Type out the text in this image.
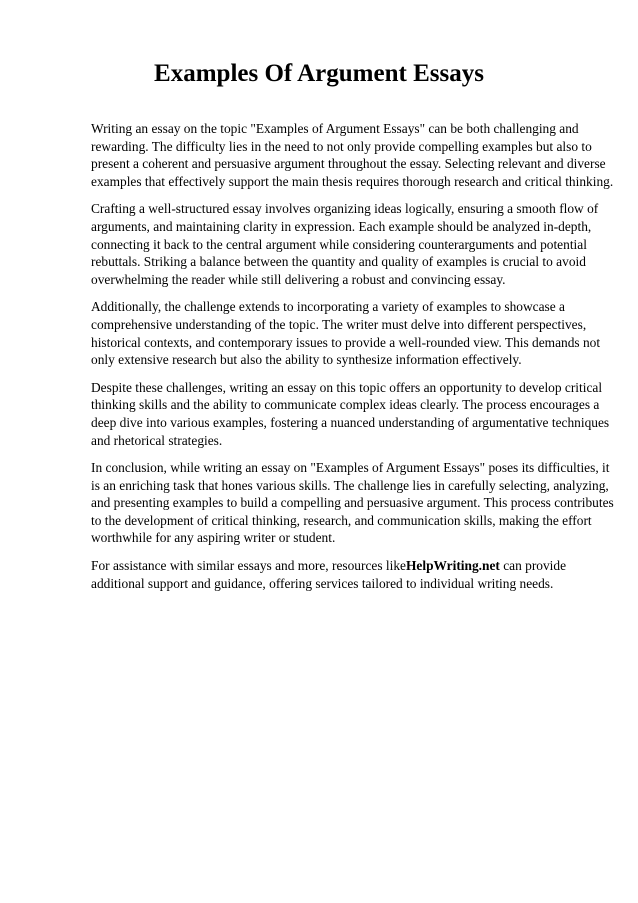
Examples Of Argument Essays

Writing an essay on the topic "Examples of Argument Essays" can be both challenging and
rewarding. The difficulty lies in the need to not only provide compelling examples but also to
present a coherent and persuasive argument throughout the essay. Selecting relevant and diverse
examples that effectively support the main thesis requires thorough research and critical thinking.

Crafting a well-structured essay involves organizing ideas logically, ensuring a smooth flow of
arguments, and maintaining clarity in expression. Each example should be analyzed in-depth,
connecting it back to the central argument while considering counterarguments and potential
rebuttals. Striking a balance between the quantity and quality of examples is crucial to avoid
overwhelming the reader while still delivering a robust and convincing essay.

Additionally, the challenge extends to incorporating a variety of examples to showcase a
comprehensive understanding of the topic. The writer must delve into different perspectives,
historical contexts, and contemporary issues to provide a well-rounded view. This demands not
only extensive research but also the ability to synthesize information effectively.

Despite these challenges, writing an essay on this topic offers an opportunity to develop critical
thinking skills and the ability to communicate complex ideas clearly. The process encourages a
deep dive into various examples, fostering a nuanced understanding of argumentative techniques
and rhetorical strategies.

In conclusion, while writing an essay on "Examples of Argument Essays" poses its difficulties, it
is an enriching task that hones various skills. The challenge lies in carefully selecting, analyzing,
and presenting examples to build a compelling and persuasive argument. This process contributes
to the development of critical thinking, research, and communication skills, making the effort
worthwhile for any aspiring writer or student.

For assistance with similar essays and more, resources likeHelpWriting.net can provide
additional support and guidance, offering services tailored to individual writing needs.
